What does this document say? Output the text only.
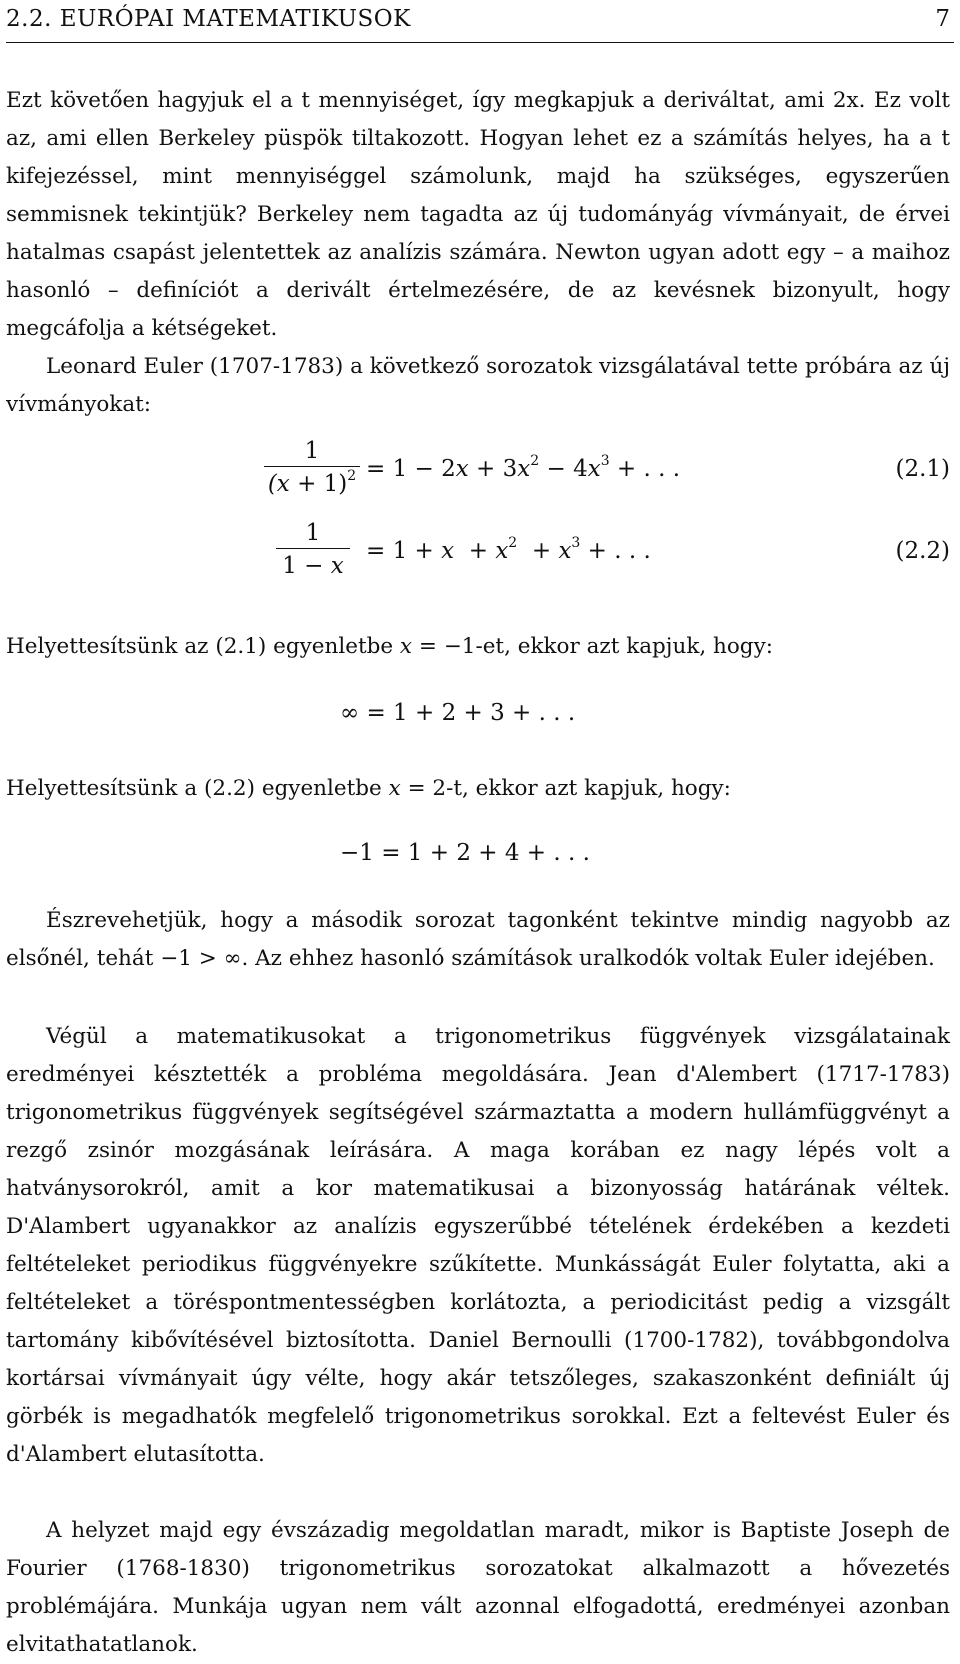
2.2. EURÓPAI MATEMATIKUSOK	7

Ezt követően hagyjuk el a t mennyiséget, így megkapjuk a deriváltat, ami 2x. Ez volt az, ami ellen Berkeley püspök tiltakozott. Hogyan lehet ez a számítás helyes, ha a t kifejezéssel, mint mennyiséggel számolunk, majd ha szükséges, egyszerűen semmisnek tekintjük? Berkeley nem tagadta az új tudományág vívmányait, de érvei hatalmas csapást jelentettek az analízis számára. Newton ugyan adott egy – a maihoz hasonló – definíciót a derivált értelmezésére, de az kevésnek bizonyult, hogy megcáfolja a kétségeket.

Leonard Euler (1707-1783) a következő sorozatok vizsgálatával tette próbára az új vívmányokat:

1
$(x + 1)^2 = 1 - 2x + 3x^2 - 4x^3$ + . . .	(2.1)
1
1 − x
= $1 + x + x^2 + x^3$ + . . .	(2.2)

Helyettesítsünk az (2.1) egyenletbe x = −1-et, ekkor azt kapjuk, hogy:

∞ = 1 + 2 + 3 + . . .

Helyettesítsünk a (2.2) egyenletbe x = 2-t, ekkor azt kapjuk, hogy:

−1 = 1 + 2 + 4 + . . .

Észrevehetjük, hogy a második sorozat tagonként tekintve mindig nagyobb az elsőnél, tehát −1 > ∞. Az ehhez hasonló számítások uralkodók voltak Euler idejében.

Végül a matematikusokat a trigonometrikus függvények vizsgálatainak eredményei késztették a probléma megoldására. Jean d'Alembert (1717-1783) trigonometrikus függvények segítségével származtatta a modern hullámfüggvényt a rezgő zsinór mozgásának leírására. A maga korában ez nagy lépés volt a hatványsorokról, amit a kor matematikusai a bizonyosság határának véltek. D'Alambert ugyanakkor az analízis egyszerűbbé tételének érdekében a kezdeti feltételeket periodikus függvényekre szűkítette. Munkásságát Euler folytatta, aki a feltételeket a töréspontmentességben korlátozta, a periodicitást pedig a vizsgált tartomány kibővítésével biztosította. Daniel Bernoulli (1700-1782), továbbgondolva kortársai vívmányait úgy vélte, hogy akár tetszőleges, szakaszonként definiált új görbék is megadhatók megfelelő trigonometrikus sorokkal. Ezt a feltevést Euler és d'Alambert elutasította.

A helyzet majd egy évszázadig megoldatlan maradt, mikor is Baptiste Joseph de Fourier (1768-1830) trigonometrikus sorozatokat alkalmazott a hővezetés problémájára. Munkája ugyan nem vált azonnal elfogadottá, eredményei azonban elvitathatatlanok.
